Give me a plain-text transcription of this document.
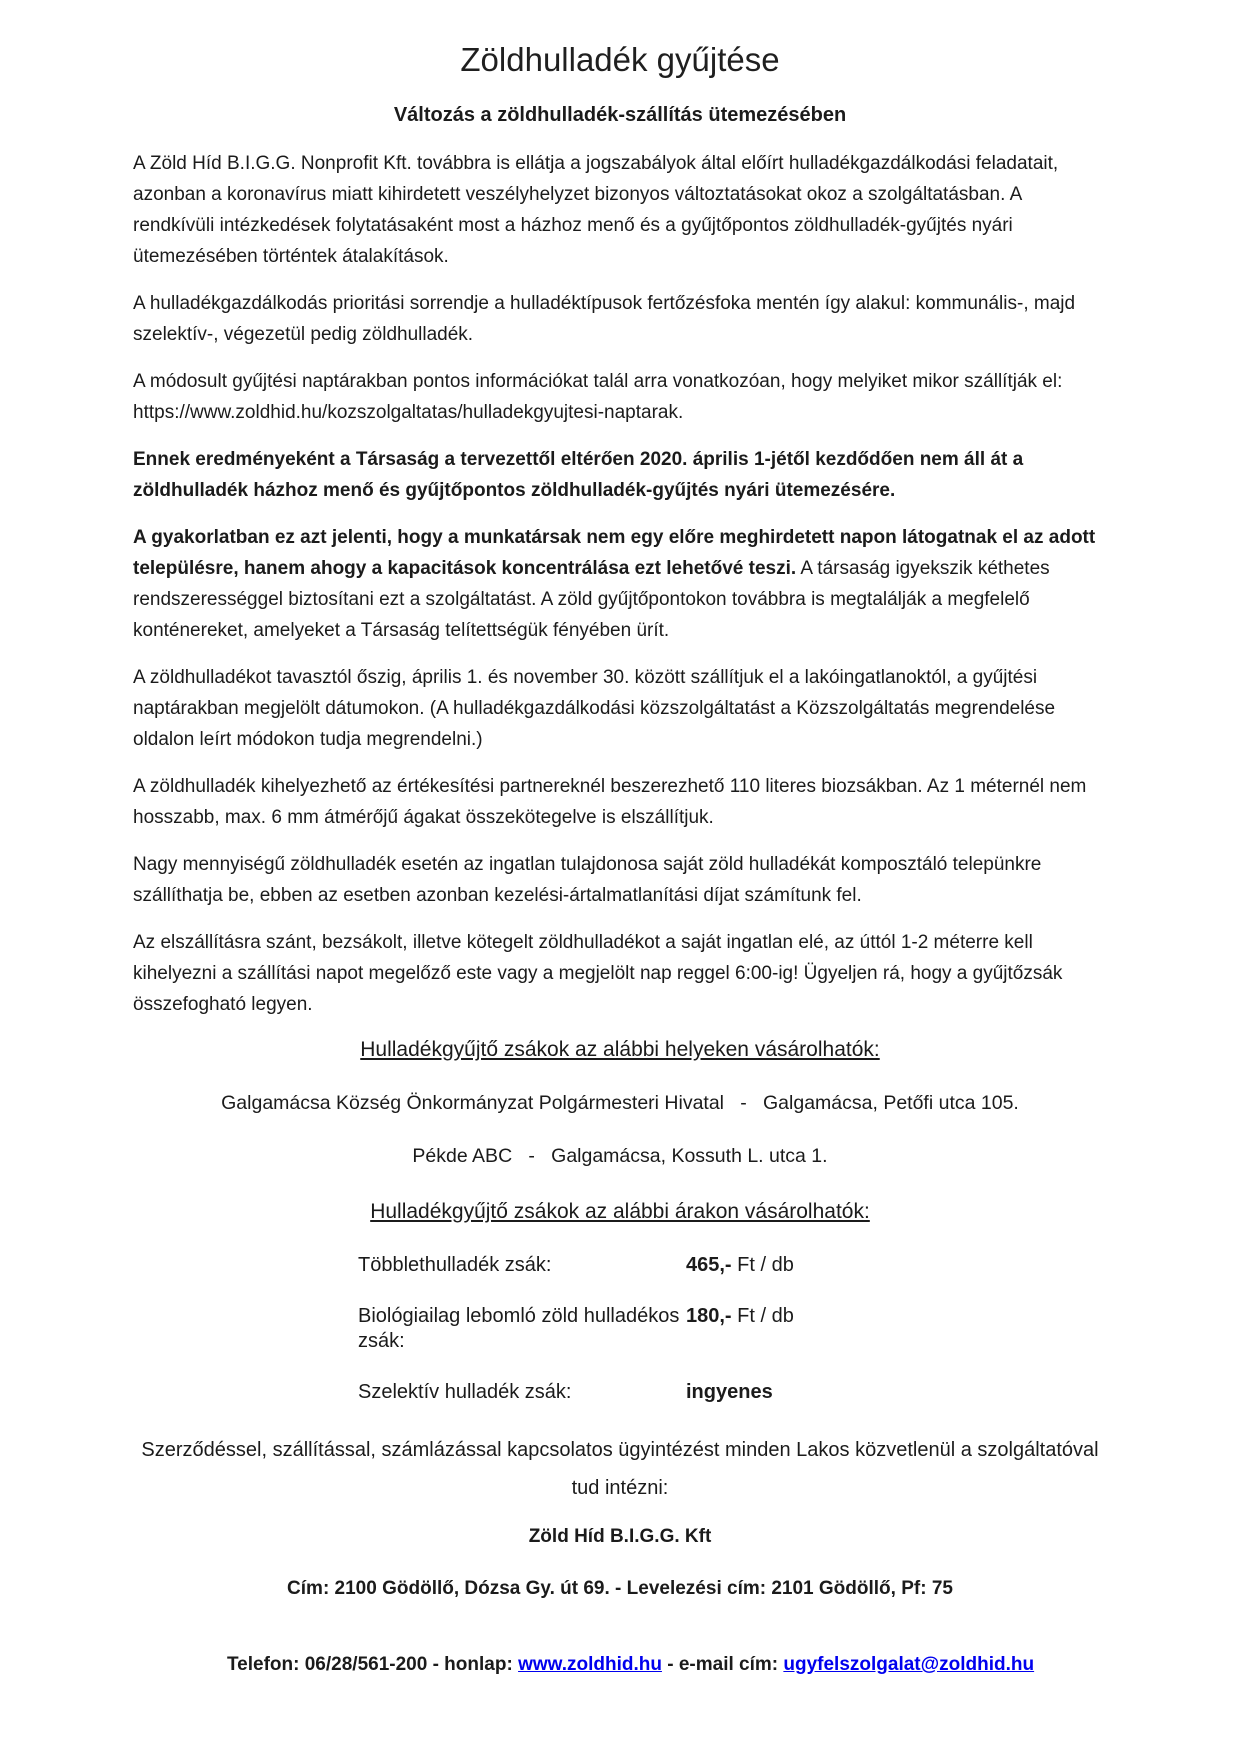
Zöldhulladék gyűjtése
Változás a zöldhulladék-szállítás ütemezésében

A Zöld Híd B.I.G.G. Nonprofit Kft. továbbra is ellátja a jogszabályok által előírt hulladékgazdálkodási feladatait, azonban a koronavírus miatt kihirdetett veszélyhelyzet bizonyos változtatásokat okoz a szolgáltatásban. A rendkívüli intézkedések folytatásaként most a házhoz menő és a gyűjtőpontos zöldhulladék-gyűjtés nyári ütemezésében történtek átalakítások.

A hulladékgazdálkodás prioritási sorrendje a hulladéktípusok fertőzésfoka mentén így alakul: kommunális-, majd szelektív-, végezetül pedig zöldhulladék.

A módosult gyűjtési naptárakban pontos információkat talál arra vonatkozóan, hogy melyiket mikor szállítják el: https://www.zoldhid.hu/kozszolgaltatas/hulladekgyujtesi-naptarak.

Ennek eredményeként a Társaság a tervezettől eltérően 2020. április 1-jétől kezdődően nem áll át a zöldhulladék házhoz menő és gyűjtőpontos zöldhulladék-gyűjtés nyári ütemezésére.

A gyakorlatban ez azt jelenti, hogy a munkatársak nem egy előre meghirdetett napon látogatnak el az adott településre, hanem ahogy a kapacitások koncentrálása ezt lehetővé teszi. A társaság igyekszik kéthetes rendszerességgel biztosítani ezt a szolgáltatást. A zöld gyűjtőpontokon továbbra is megtalálják a megfelelő konténereket, amelyeket a Társaság telítettségük fényében ürít.

A zöldhulladékot tavasztól őszig, április 1. és november 30. között szállítjuk el a lakóingatlanoktól, a gyűjtési naptárakban megjelölt dátumokon. (A hulladékgazdálkodási közszolgáltatást a Közszolgáltatás megrendelése oldalon leírt módokon tudja megrendelni.)

A zöldhulladék kihelyezhető az értékesítési partnereknél beszerezhető 110 literes biozsákban. Az 1 méternél nem hosszabb, max. 6 mm átmérőjű ágakat összekötegelve is elszállítjuk.

Nagy mennyiségű zöldhulladék esetén az ingatlan tulajdonosa saját zöld hulladékát komposztáló telepünkre szállíthatja be, ebben az esetben azonban kezelési-ártalmatlanítási díjat számítunk fel.

Az elszállításra szánt, bezsákolt, illetve kötegelt zöldhulladékot a saját ingatlan elé, az úttól 1-2 méterre kell kihelyezni a szállítási napot megelőző este vagy a megjelölt nap reggel 6:00-ig! Ügyeljen rá, hogy a gyűjtőzsák összefogható legyen.

Hulladékgyűjtő zsákok az alábbi helyeken vásárolhatók:
Galgamácsa Község Önkormányzat Polgármesteri Hivatal   -   Galgamácsa, Petőfi utca 105.
Pékde ABC   -   Galgamácsa, Kossuth L. utca 1.
Hulladékgyűjtő zsákok az alábbi árakon vásárolhatók:
Többlethulladék zsák:	465,- Ft / db
Biológiailag lebomló zöld hulladékos zsák:
180,- Ft / db
Szelektív hulladék zsák:	ingyenes

Szerződéssel, szállítással, számlázással kapcsolatos ügyintézést minden Lakos közvetlenül a szolgáltatóval tud intézni:

Zöld Híd B.I.G.G. Kft
Cím: 2100 Gödöllő, Dózsa Gy. út 69. - Levelezési cím: 2101 Gödöllő, Pf: 75

Telefon: 06/28/561-200 - honlap: www.zoldhid.hu - e-mail cím: ugyfelszolgalat@zoldhid.hu
